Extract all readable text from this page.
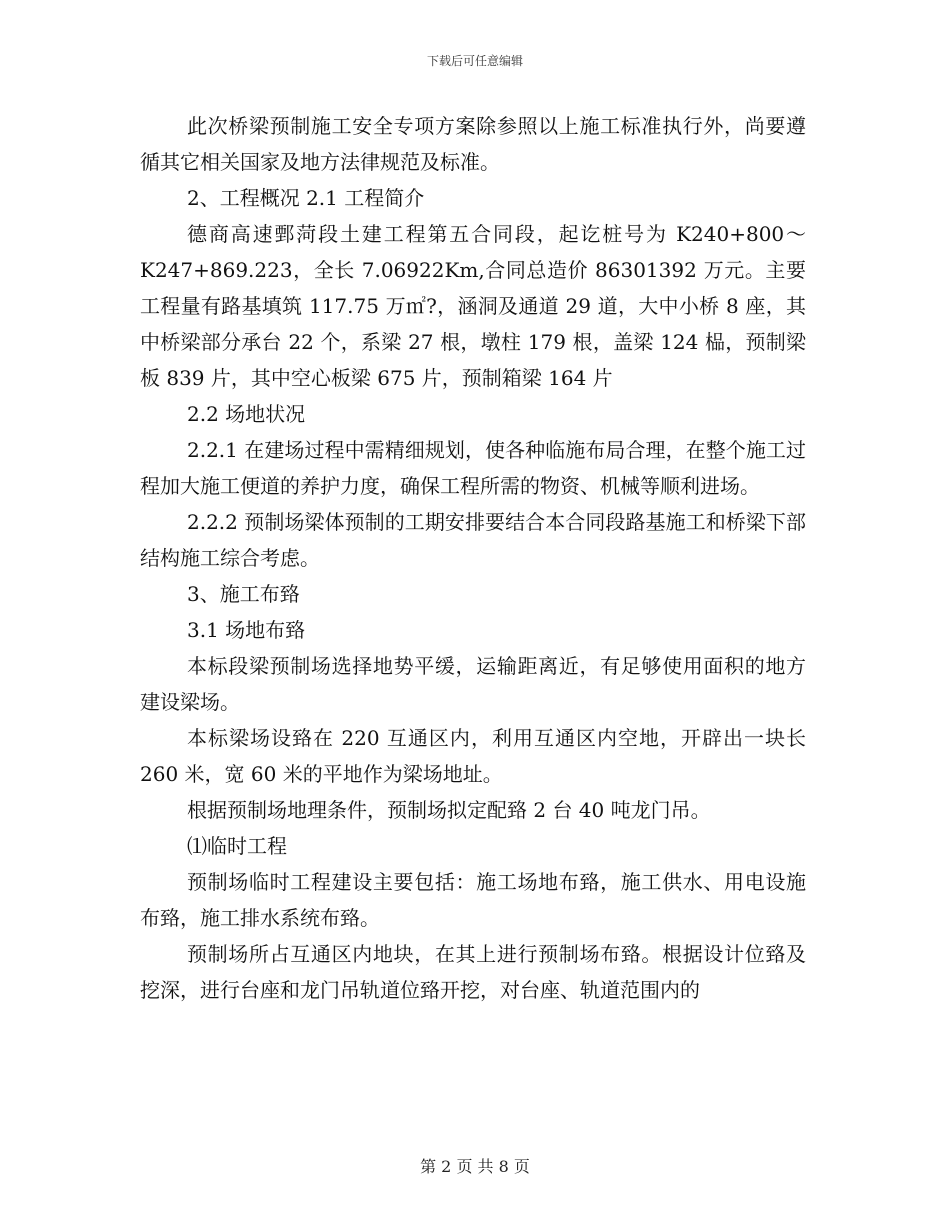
下载后可任意编辑

此次桥梁预制施工安全专项方案除参照以上施工标准执行外，尚要遵循其它相关国家及地方法律规范及标准。

2、工程概况 2.1 工程简介

德商高速鄄菏段土建工程第五合同段，起讫桩号为 K240+800～K247+869.223，全长 7.06922Km,合同总造价 86301392 万元。主要工程量有路基填筑 117.75 万㎡?，涵洞及通道 29 道，大中小桥 8 座，其中桥梁部分承台 22 个，系梁 27 根，墩柱 179 根，盖梁 124 榀，预制梁板 839 片，其中空心板梁 675 片，预制箱梁 164 片

2.2 场地状况

2.2.1 在建场过程中需精细规划，使各种临施布局合理，在整个施工过程加大施工便道的养护力度，确保工程所需的物资、机械等顺利进场。

2.2.2 预制场梁体预制的工期安排要结合本合同段路基施工和桥梁下部结构施工综合考虑。

3、施工布臵

3.1 场地布臵

本标段梁预制场选择地势平缓，运输距离近，有足够使用面积的地方建设梁场。

本标梁场设臵在 220 互通区内，利用互通区内空地，开辟出一块长 260 米，宽 60 米的平地作为梁场地址。

根据预制场地理条件，预制场拟定配臵 2 台 40 吨龙门吊。

⑴临时工程

预制场临时工程建设主要包括：施工场地布臵，施工供水、用电设施布臵，施工排水系统布臵。

预制场所占互通区内地块，在其上进行预制场布臵。根据设计位臵及挖深，进行台座和龙门吊轨道位臵开挖，对台座、轨道范围内的

第 2 页 共 8 页
